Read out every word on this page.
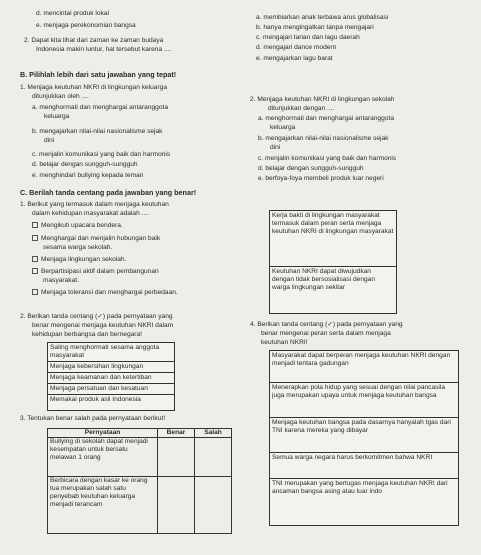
d. mencintai produk lokal
e. menjaga perekonomian bangsa
2. Dapat kita lihat dari zaman ke zaman budaya
Indonesia makin luntur, hal tersebut karena ....
a. membiarkan anak terbawa arus globalisasi
b. hanya mengingatkan tanpa mengajari
c. mengajari tarian dan lagu daerah
d. mengajari dance modern
e. mengajarkan lagu barat
B. Pilihlah lebih dari satu jawaban yang tepat!
1. Menjaga keutuhan NKRI di lingkungan keluarga
ditunjukkan oleh ....
a. menghormati dan menghargai antaranggota
keluarga
b. mengajarkan nilai-nilai nasionalisme sejak
dini
c. menjalin komunikasi yang baik dan harmonis
d. belajar dengan sungguh-sungguh
e. menghindari bullying kepada teman
2. Menjaga keutuhan NKRI di lingkungan sekolah
ditunjukkan dengan ....
a. menghormati dan menghargai antaranggota
keluarga
b. mengajarkan nilai-nilai nasionalisme sejak
dini
c. menjalin komunikasi yang baik dan harmonis
d. belajar dengan sungguh-sungguh
e. berfoya-foya membeli produk luar negeri
C. Berilah tanda centang pada jawaban yang benar!
1. Berikut yang termasuk dalam menjaga keutuhan
dalam kehidupan masyarakat adalah ....
Mengikuti upacara bendera.
Menghargai dan menjalin hubungan baik
sesama warga sekolah.
Menjaga lingkungan sekolah.
Berpartisipasi aktif dalam pembangunan
masyarakat.
Menjaga toleransi dan menghargai perbedaan.
Kerja bakti di lingkungan masyarakat termasuk dalam peran serta menjaga keutuhan NKRI di lingkungan masyarakat
Keutuhan NKRI dapat diwujudkan dengan tidak bersosialisasi dengan warga lingkungan sekitar
2. Berikan tanda centang (✓) pada pernyataan yang
benar mengenai menjaga keutuhan NKRI dalam
kehidupan berbangsa dan bernegara!
Saling menghormati sesama anggota masyarakat
Menjaga kebersihan lingkungan
Menjaga keamanan dan ketertiban
Menjaga persatuan dan kesatuan
Memakai produk asli Indonesia
3. Tentukan benar salah pada pernyataan berikut!
Pernyataan	Benar	Salah
Bullying di sekolah dapat menjadi kesempatan untuk bersatu melawan 1 orang		
Berbicara dengan kasar ke orang tua merupakan salah satu penyebab keutuhan keluarga menjadi terancam		
4. Berikan tanda centang (✓) pada pernyataan yang
benar mengenai peran serta dalam menjaga
keutuhan NKRI!
Masyarakat dapat berperan menjaga keutuhan NKRI dengan menjadi tentara gadungan
Menerapkan pola hidup yang sesuai dengan nilai pancasila juga merupakan upaya untuk menjaga keutuhan bangsa
Menjaga keutuhan bangsa pada dasarnya hanyalah tgas dari TNI karena mereka yang dibayar
Semua warga negara harus berkomitmen bahwa NKRI
TNI merupakan yang bertugas menjaga keutuhan NKRI dari ancaman bangsa asing atau luar indo
